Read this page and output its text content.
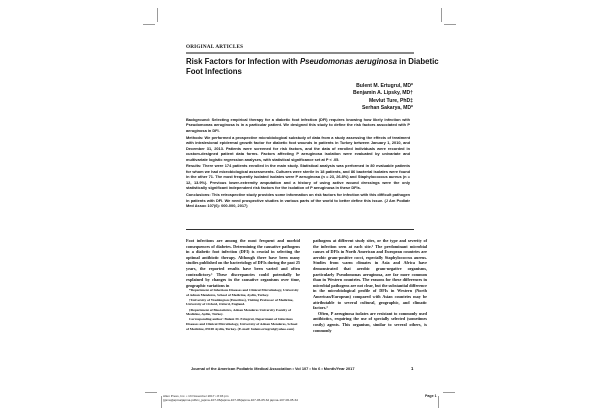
ORIGINAL ARTICLES
Risk Factors for Infection with Pseudomonas aeruginosa in Diabetic Foot Infections
Bulent M. Ertugrul, MD*
Benjamin A. Lipsky, MD†
Mevlut Ture, PhD‡
Serhan Sakarya, MD*

Background: Selecting empirical therapy for a diabetic foot infection (DFI) requires knowing how likely infection with Pseudomonas aeruginosa is in a particular patient. We designed this study to define the risk factors associated with P aeruginosa in DFI.

Methods: We performed a prospective microbiological substudy of data from a study assessing the effects of treatment with intralesional epidermal growth factor for diabetic foot wounds in patients in Turkey between January 1, 2010, and December 31, 2013. Patients were screened for risk factors, and the data of enrolled individuals were recorded in custom-designed patient data forms. Factors affecting P aeruginosa isolation were evaluated by univariate and multivariate logistic regression analyses, with statistical significance set at P < .05.

Results: There were 174 patients enrolled in the main study. Statistical analysis was performed in 80 evaluable patients for whom we had microbiological assessments. Cultures were sterile in 18 patients, and 86 bacterial isolates were found in the other 71. The most frequently isolated isolates were P aeruginosa (n = 23, 26.8%) and Staphylococcus aureus (n = 12, 13.9%). Previous lower-extremity amputation and a history of using active wound dressings were the only statistically significant independent risk factors for the isolation of P aeruginosa in these DFIs.

Conclusions: This retrospective study provides some information on risk factors for infection with this difficult pathogen in patients with DFI. We need prospective studies in various parts of the world to better define this issue. (J Am Podiatr Med Assoc 107(6): 000-000, 2017)

Foot infections are among the most frequent and morbid consequences of diabetes. Determining the causative pathogens in a diabetic foot infection (DFI) is crucial in selecting the optimal antibiotic therapy. Although there have been many studies published on the bacteriology of DFIs during the past 25 years, the reported results have been varied and often contradictory.¹ These discrepancies could potentially be explained by changes in the causative organisms over time, geographic variations in

*Department of Infectious Diseases and Clinical Microbiology, University of Adnan Menderes, School of Medicine, Aydin, Turkey.

†University of Washington (Emeritus), Visiting Professor of Medicine, University of Oxford, Oxford, England.

‡Department of Biostatistics, Adnan Menderes University Faculty of Medicine, Aydin, Turkey.

Corresponding author: Bulent M. Ertugrul, Department of Infectious Diseases and Clinical Microbiology, University of Adnan Menderes, School of Medicine, 09100 Aydin, Turkey. (E-mail: bulent.ertugrul@yahoo.com)

pathogens at different study sites, or the type and severity of the infection seen at each site.² The predominant microbial causes of DFIs in North American and European countries are aerobic gram-positive cocci, especially Staphylococcus aureus. Studies from warm climates in Asia and Africa have demonstrated that aerobic gram-negative organisms, particularly Pseudomonas aeruginosa, are far more common than in Western countries. The reasons for these differences in microbial pathogens are not clear, but the substantial difference in the microbiological profile of DFIs in Western (North American/European) compared with Asian countries may be attributable to several cultural, geographic, and climatic factors.³

Often, P aeruginosa isolates are resistant to commonly used antibiotics, requiring the use of specially selected (sometimes costly) agents. This organism, similar to several others, is commonly

Journal of the American Podiatric Medical Association • Vol 107 • No 6 • Month/Year 2017	1
Allen Press, Inc. • 13 November 2017 • 8:03 pm
{jpma}/japma/japma.pdfsrv_japma-107-06/japma-107-06/japma-107-06-05.3d japma-107-06-05.3d
Page 1
